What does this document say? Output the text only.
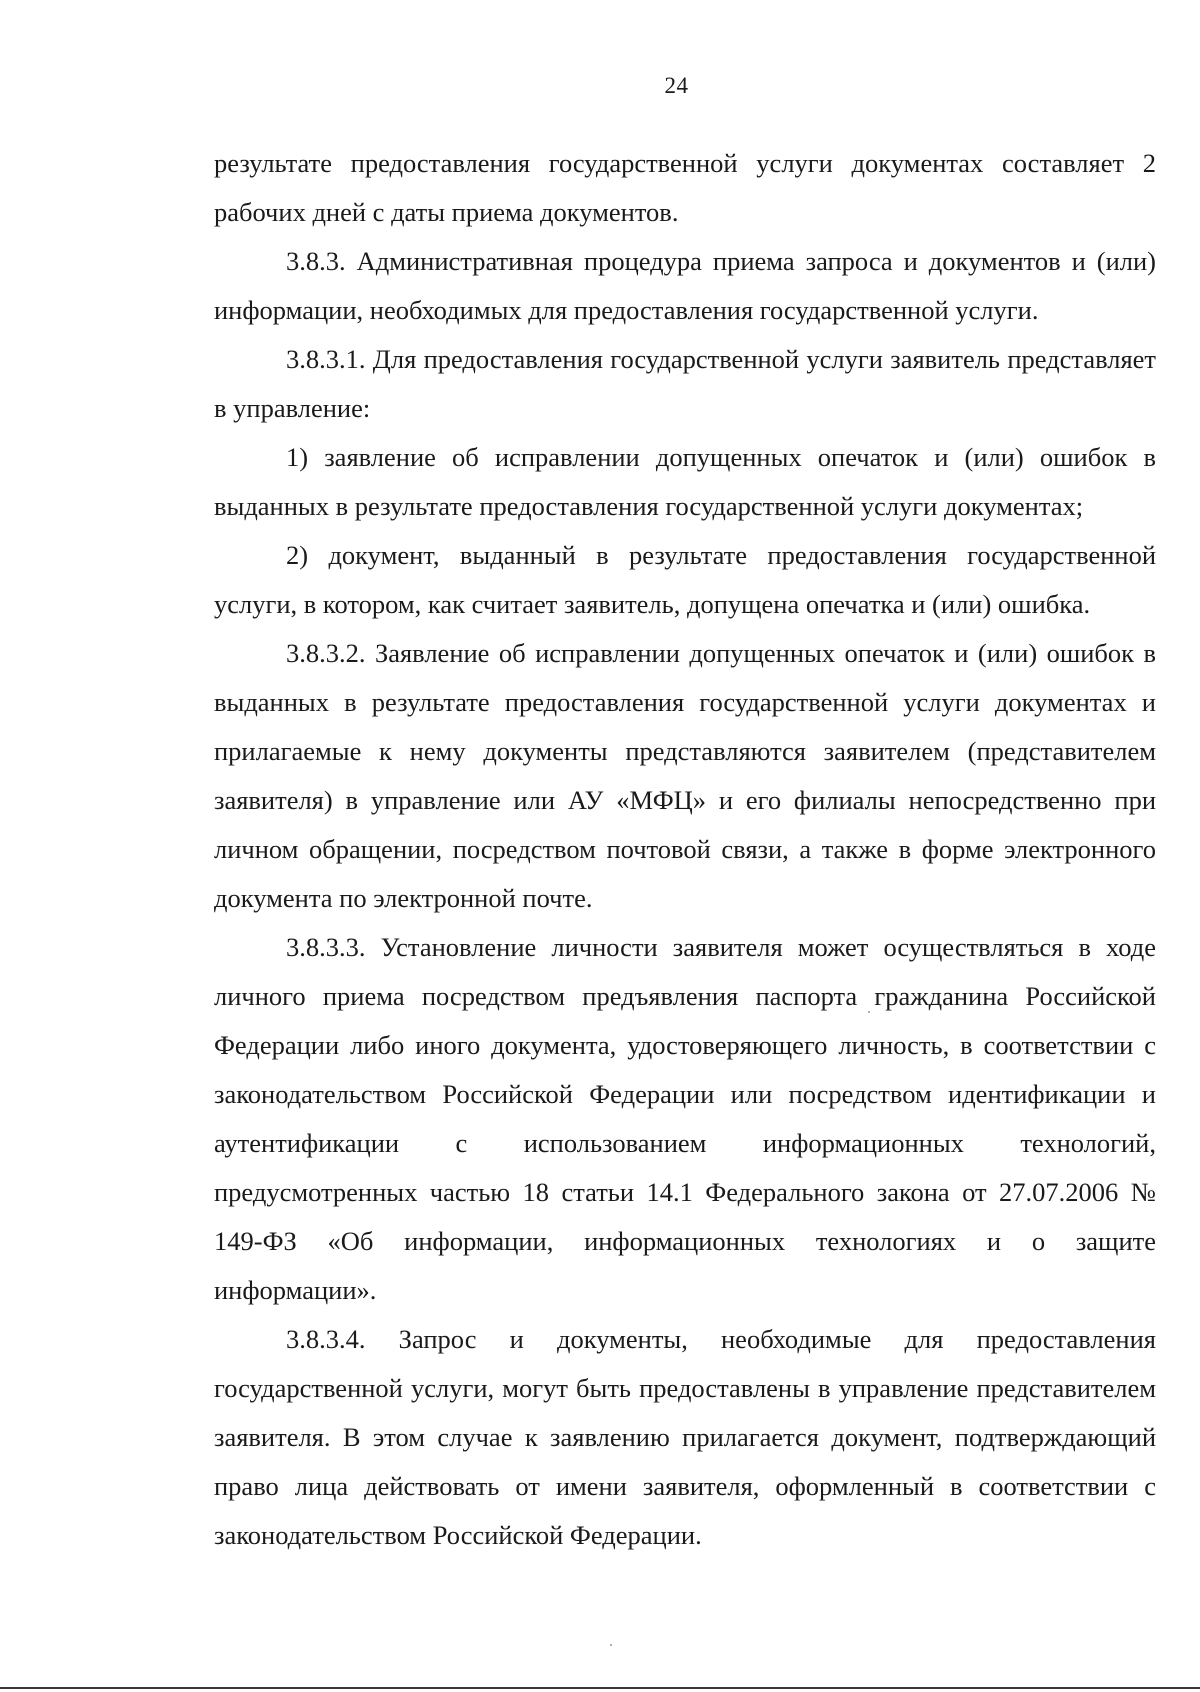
24

результате предоставления государственной услуги документах составляет 2 рабочих дней с даты приема документов.

3.8.3. Административная процедура приема запроса и документов и (или) информации, необходимых для предоставления государственной услуги.

3.8.3.1. Для предоставления государственной услуги заявитель представляет в управление:

1) заявление об исправлении допущенных опечаток и (или) ошибок в выданных в результате предоставления государственной услуги документах;

2) документ, выданный в результате предоставления государственной услуги, в котором, как считает заявитель, допущена опечатка и (или) ошибка.

3.8.3.2. Заявление об исправлении допущенных опечаток и (или) ошибок в выданных в результате предоставления государственной услуги документах и прилагаемые к нему документы представляются заявителем (представителем заявителя) в управление или АУ «МФЦ» и его филиалы непосредственно при личном обращении, посредством почтовой связи, а также в форме электронного документа по электронной почте.

3.8.3.3. Установление личности заявителя может осуществляться в ходе личного приема посредством предъявления паспорта гражданина Российской Федерации либо иного документа, удостоверяющего личность, в соответствии с законодательством Российской Федерации или посредством идентификации и аутентификации с использованием информационных технологий, предусмотренных частью 18 статьи 14.1 Федерального закона от 27.07.2006 № 149-ФЗ «Об информации, информационных технологиях и о защите информации».

3.8.3.4. Запрос и документы, необходимые для предоставления государственной услуги, могут быть предоставлены в управление представителем заявителя. В этом случае к заявлению прилагается документ, подтверждающий право лица действовать от имени заявителя, оформленный в соответствии с законодательством Российской Федерации.
